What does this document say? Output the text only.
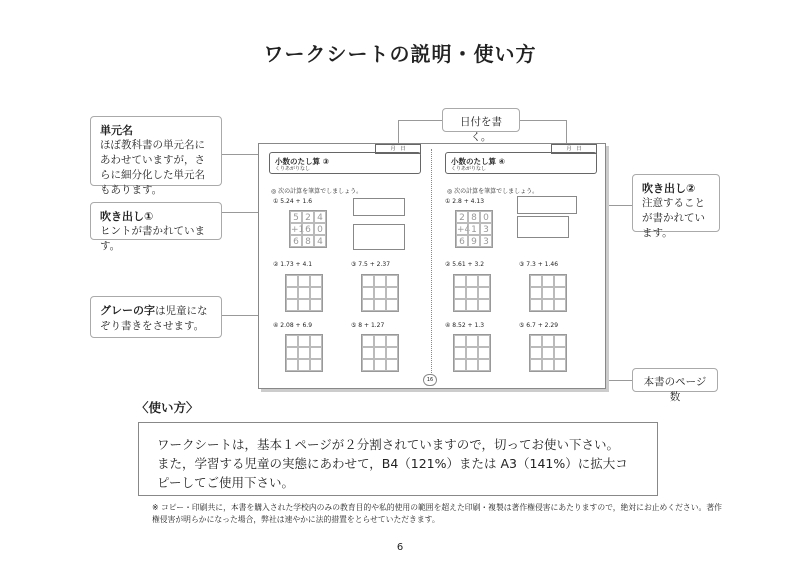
ワークシートの説明・使い方
日付を書く。
単元名
ほぼ教科書の単元名にあわせていますが，さらに細分化した単元名もあります。
吹き出し①
ヒントが書かれています。
グレーの字は児童になぞり書きをさせます。
吹き出し②
注意することが書かれています。
本書のページ数
月　日
小数のたし算 ③
くりあがりなし
◎ 次の計算を筆算でしましょう。
① 5.24 + 1.6
5 2 4
+1 6 0
6 8 4
② 1.73 + 4.1	③ 7.5 + 2.37
④ 2.08 + 6.9	⑤ 8 + 1.27
月　日
小数のたし算 ④
くりあがりなし
◎ 次の計算を筆算でしましょう。
① 2.8 + 4.13
2 8 0
+4 1 3
6 9 3
② 5.61 + 3.2	③ 7.3 + 1.46
④ 8.52 + 1.3	⑤ 6.7 + 2.29
16
〈使い方〉
ワークシートは，基本１ページが２分割されていますので，切ってお使い下さい。
また，学習する児童の実態にあわせて，B4（121%）または A3（141%）に拡大コピーしてご使用下さい。
※ コピー・印刷共に，本書を購入された学校内のみの教育目的や私的使用の範囲を超えた印刷・複製は著作権侵害にあたりますので，絶対にお止めください。著作権侵害が明らかになった場合，弊社は速やかに法的措置をとらせていただきます。
6
